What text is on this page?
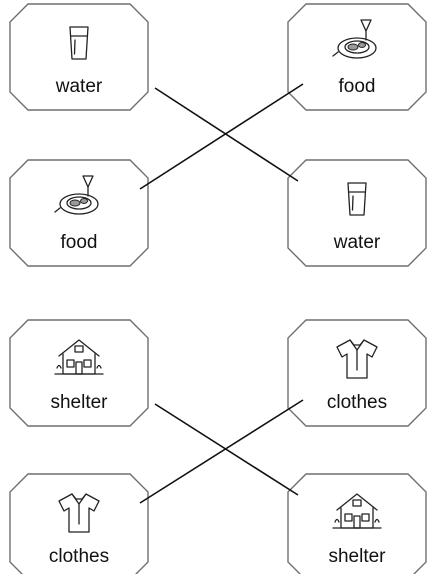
water
food
food
water
shelter
clothes
clothes
shelter
